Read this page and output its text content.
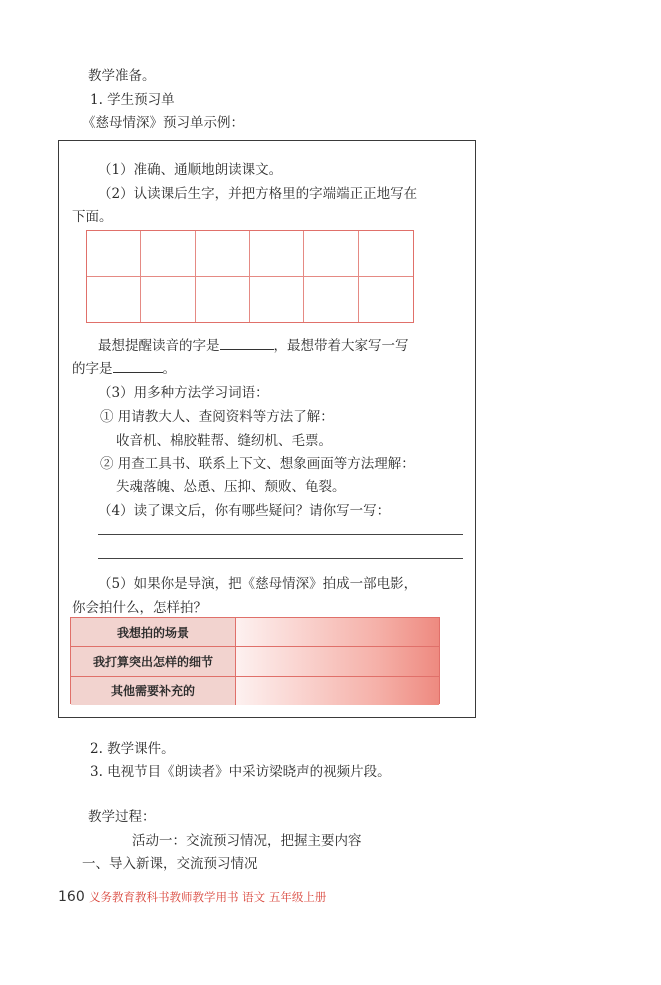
教学准备。
1. 学生预习单
《慈母情深》预习单示例：
（1）准确、通顺地朗读课文。
（2）认读课后生字，并把方格里的字端端正正地写在
下面。
最想提醒读音的字是	，最想带着大家写一写
的字是	。
（3）用多种方法学习词语：
① 用请教大人、查阅资料等方法了解：
收音机、棉胶鞋帮、缝纫机、毛票。
② 用查工具书、联系上下文、想象画面等方法理解：
失魂落魄、怂恿、压抑、颓败、龟裂。
（4）读了课文后，你有哪些疑问？请你写一写：
（5）如果你是导演，把《慈母情深》拍成一部电影，
你会拍什么，怎样拍？
我想拍的场景
我打算突出怎样的细节
其他需要补充的
2. 教学课件。
3. 电视节目《朗读者》中采访梁晓声的视频片段。
教学过程：
活动一：交流预习情况，把握主要内容
一、导入新课，交流预习情况
160 义务教育教科书教师教学用书 语文 五年级上册
